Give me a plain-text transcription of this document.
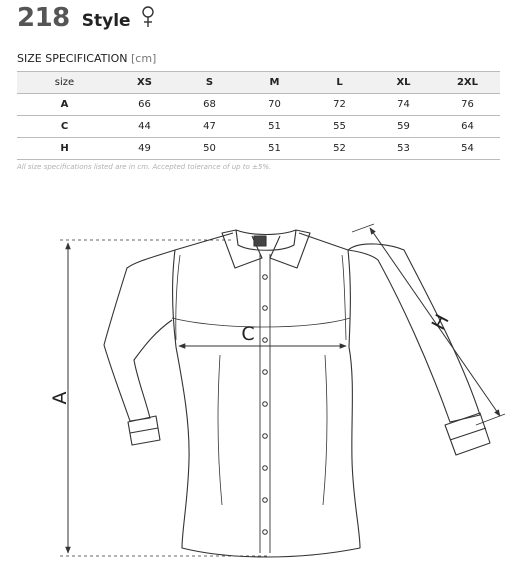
218 Style
SIZE SPECIFICATION [cm]
size	XS	S	M	L	XL	2XL
A	66	68	70	72	74	76
C	44	47	51	55	59	64
H	49	50	51	52	53	54
All size specifications listed are in cm. Accepted tolerance of up to ±5%.
A
C
H
